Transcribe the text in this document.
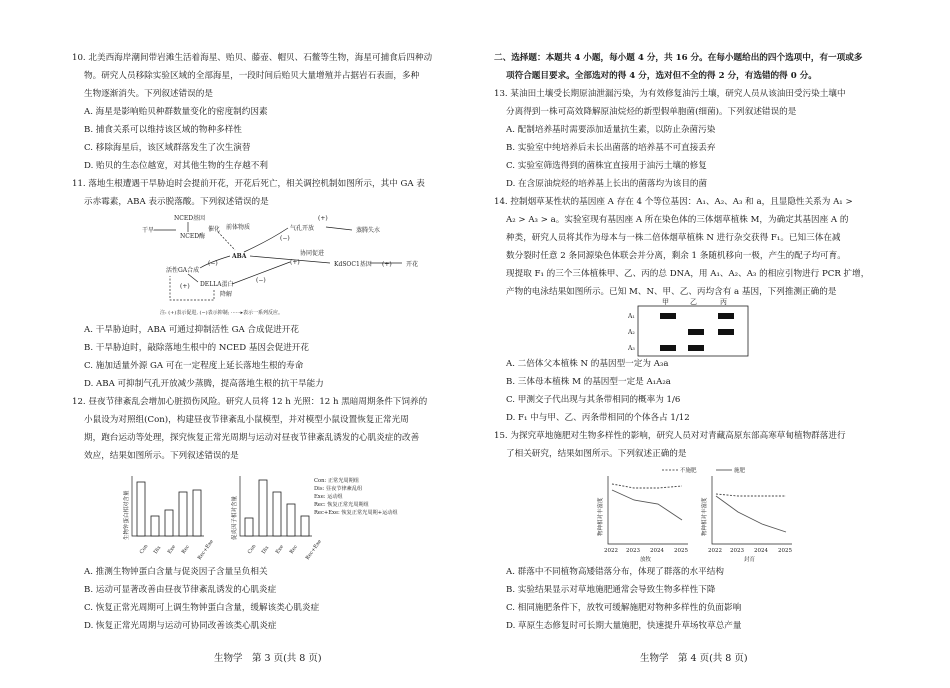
10. 北美西海岸潮间带岩滩生活着海星、贻贝、藤壶、帽贝、石鳖等生物，海星可捕食后四种动
物。研究人员移除实验区域的全部海星，一段时间后贻贝大量增殖并占据岩石表面，多种
生物逐渐消失。下列叙述错误的是
A. 海星是影响贻贝种群数量变化的密度制约因素
B. 捕食关系可以维持该区域的物种多样性
C. 移除海星后，该区域群落发生了次生演替
D. 贻贝的生态位越宽，对其他生物的生存越不利
11. 落地生根遭遇干旱胁迫时会提前开花，开花后死亡，相关调控机制如图所示，其中 GA 表
示赤霉素，ABA 表示脱落酸。下列叙述错误的是
NCED基因
干旱
NCED酶
催化 前体物质
ABA
气孔开放	蒸腾失水
(+)
(−)
协同促进
(+)	KdSOC1基因 (+) 开花
活性GA合成
(−)
DELLA蛋白
降解
(+)
(−)
注: (+)表示促进, (−)表示抑制; ······▸表示一系列反应。
A. 干旱胁迫时，ABA 可通过抑制活性 GA 合成促进开花
B. 干旱胁迫时，敲除落地生根中的 NCED 基因会促进开花
C. 施加适量外源 GA 可在一定程度上延长落地生根的寿命
D. ABA 可抑制气孔开放减少蒸腾，提高落地生根的抗干旱能力
12. 昼夜节律紊乱会增加心脏损伤风险。研究人员将 12 h 光照：12 h 黑暗周期条件下饲养的
小鼠设为对照组(Con)，构建昼夜节律紊乱小鼠模型，并对模型小鼠设置恢复正常光周
期，跑台运动等处理，探究恢复正常光周期与运动对昼夜节律紊乱诱发的心肌炎症的改善
效应，结果如图所示。下列叙述错误的是
生物钟蛋白相对含量	促炎因子相对含量
Con Dis Exe Rec Rec+Exe	Con Dis Exe Rec Rec+Exe
Con: 正常光周期组
Dis: 昼夜节律紊乱组
Exe: 运动组
Rec: 恢复正常光周期组
Rec+Exe: 恢复正常光周期+运动组
A. 推测生物钟蛋白含量与促炎因子含量呈负相关
B. 运动可显著改善由昼夜节律紊乱诱发的心肌炎症
C. 恢复正常光周期可上调生物钟蛋白含量，缓解该类心肌炎症
D. 恢复正常光周期与运动可协同改善该类心肌炎症
生物学　第 3 页(共 8 页)
二、选择题：本题共 4 小题，每小题 4 分，共 16 分。在每小题给出的四个选项中，有一项或多
项符合题目要求。全部选对的得 4 分，选对但不全的得 2 分，有选错的得 0 分。
13. 某油田土壤受长期原油泄漏污染，为有效修复油污土壤，研究人员从该油田受污染土壤中
分离得到一株可高效降解原油烷烃的新型假单胞菌(细菌)。下列叙述错误的是
A. 配制培养基时需要添加适量抗生素，以防止杂菌污染
B. 实验室中纯培养后未长出菌落的培养基不可直接丢弃
C. 实验室筛选得到的菌株宜直接用于油污土壤的修复
D. 在含原油烷烃的培养基上长出的菌落均为该目的菌
14. 控制烟草某性状的基因座 A 存在 4 个等位基因：A₁、A₂、A₃ 和 a，且显隐性关系为 A₁ >
A₂ > A₃ > a。实验室现有基因座 A 所在染色体的三体烟草植株 M，为确定其基因座 A 的
种类，研究人员将其作为母本与一株二倍体烟草植株 N 进行杂交获得 F₁。已知三体在减
数分裂时任意 2 条同源染色体联会并分离，剩余 1 条随机移向一极，产生的配子均可育。
现提取 F₁ 的三个三体植株甲、乙、丙的总 DNA，用 A₁、A₂、A₃ 的相应引物进行 PCR 扩增，
产物的电泳结果如图所示。已知 M、N、甲、乙、丙均含有 a 基因，下列推测正确的是
甲	乙	丙
A₁
A₂
A₃
A. 二倍体父本植株 N 的基因型一定为 A₃a
B. 三体母本植株 M 的基因型一定是 A₁A₂a
C. 甲测交子代出现与其条带相同的概率为 1/6
D. F₁ 中与甲、乙、丙条带相同的个体各占 1/12
15. 为探究草地施肥对生物多样性的影响，研究人员对对青藏高原东部高寒草甸植物群落进行
了相关研究，结果如图所示。下列叙述正确的是
不施肥	施肥
物种相对丰富度	物种相对丰富度
2022 2023 2024 2025
放牧
2022 2023 2024 2025
封育
A. 群落中不同植物高矮错落分布，体现了群落的水平结构
B. 实验结果显示对草地施肥通常会导致生物多样性下降
C. 相同施肥条件下，放牧可缓解施肥对物种多样性的负面影响
D. 草原生态修复时可长期大量施肥，快速提升草场牧草总产量
生物学　第 4 页(共 8 页)
